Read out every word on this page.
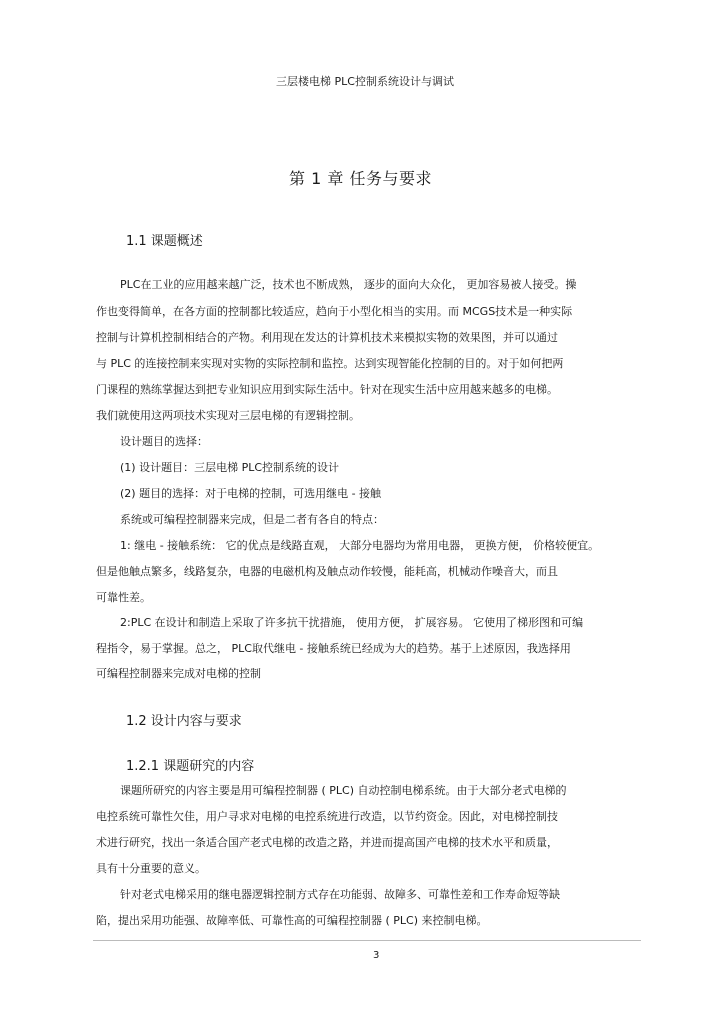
三层楼电梯 PLC控制系统设计与调试
第 1 章 任务与要求
1.1 课题概述
PLC在工业的应用越来越广泛，技术也不断成熟， 逐步的面向大众化， 更加容易被人接受。操
作也变得简单，在各方面的控制都比较适应，趋向于小型化相当的实用。而 MCGS技术是一种实际
控制与计算机控制相结合的产物。利用现在发达的计算机技术来模拟实物的效果图，并可以通过
与 PLC 的连接控制来实现对实物的实际控制和监控。达到实现智能化控制的目的。对于如何把两
门课程的熟练掌握达到把专业知识应用到实际生活中。针对在现实生活中应用越来越多的电梯。
我们就使用这两项技术实现对三层电梯的有逻辑控制。
设计题目的选择：
(1) 设计题目：三层电梯 PLC控制系统的设计
(2) 题目的选择：对于电梯的控制，可选用继电 - 接触
系统或可编程控制器来完成，但是二者有各自的特点：
1: 继电 - 接触系统： 它的优点是线路直观， 大部分电器均为常用电器， 更换方便， 价格较便宜。
但是他触点繁多，线路复杂，电器的电磁机构及触点动作较慢，能耗高，机械动作噪音大，而且
可靠性差。
2:PLC 在设计和制造上采取了许多抗干扰措施， 使用方便， 扩展容易。 它使用了梯形图和可编
程指令，易于掌握。总之， PLC取代继电 - 接触系统已经成为大的趋势。基于上述原因，我选择用
可编程控制器来完成对电梯的控制
1.2 设计内容与要求
1.2.1 课题研究的内容
课题所研究的内容主要是用可编程控制器 ( PLC) 自动控制电梯系统。由于大部分老式电梯的
电控系统可靠性欠佳，用户寻求对电梯的电控系统进行改造，以节约资金。因此，对电梯控制技
术进行研究，找出一条适合国产老式电梯的改造之路，并进而提高国产电梯的技术水平和质量，
具有十分重要的意义。
针对老式电梯采用的继电器逻辑控制方式存在功能弱、故障多、可靠性差和工作寿命短等缺
陷，提出采用功能强、故障率低、可靠性高的可编程控制器 ( PLC) 来控制电梯。
3
